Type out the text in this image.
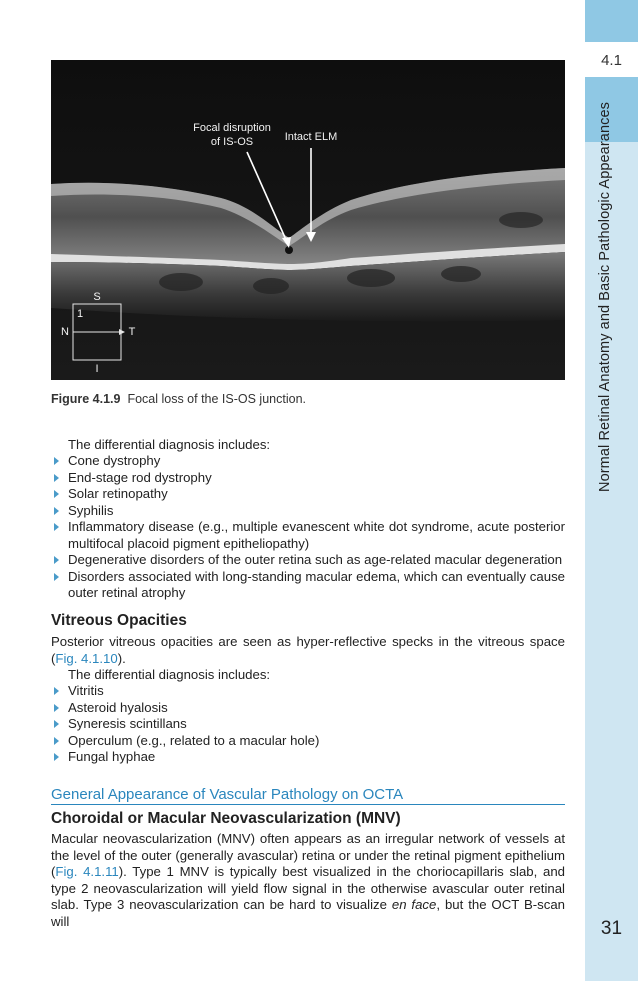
4.1
Normal Retinal Anatomy and Basic Pathologic Appearances
31
Focal disruption
of IS-OS	Intact ELM
S
I
N	T
1
Figure 4.1.9 Focal loss of the IS-OS junction.
The differential diagnosis includes:
Cone dystrophy
End-stage rod dystrophy
Solar retinopathy
Syphilis
Inflammatory disease (e.g., multiple evanescent white dot syndrome, acute posterior multifocal placoid pigment epitheliopathy)
Degenerative disorders of the outer retina such as age-related macular degeneration
Disorders associated with long-standing macular edema, which can eventually cause outer retinal atrophy
Vitreous Opacities
Posterior vitreous opacities are seen as hyper-reflective specks in the vitreous space (Fig. 4.1.10).
The differential diagnosis includes:
Vitritis
Asteroid hyalosis
Syneresis scintillans
Operculum (e.g., related to a macular hole)
Fungal hyphae
General Appearance of Vascular Pathology on OCTA
Choroidal or Macular Neovascularization (MNV)
Macular neovascularization (MNV) often appears as an irregular network of vessels at the level of the outer (generally avascular) retina or under the retinal pigment epithelium (Fig. 4.1.11). Type 1 MNV is typically best visualized in the choriocapillaris slab, and type 2 neovascularization will yield flow signal in the otherwise avascular outer retinal slab. Type 3 neovascularization can be hard to visualize en face, but the OCT B-scan will
